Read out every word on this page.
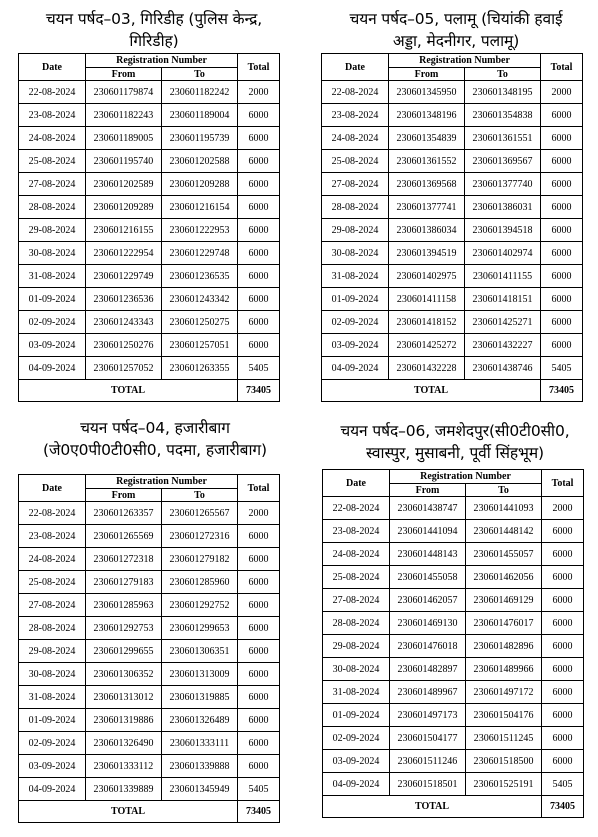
चयन पर्षद–03, गिरिडीह (पुलिस केन्द्र,
गिरिडीह)
Date	Registration Number		Total
	From	To	
22-08-2024	230601179874	230601182242	2000
23-08-2024	230601182243	230601189004	6000
24-08-2024	230601189005	230601195739	6000
25-08-2024	230601195740	230601202588	6000
27-08-2024	230601202589	230601209288	6000
28-08-2024	230601209289	230601216154	6000
29-08-2024	230601216155	230601222953	6000
30-08-2024	230601222954	230601229748	6000
31-08-2024	230601229749	230601236535	6000
01-09-2024	230601236536	230601243342	6000
02-09-2024	230601243343	230601250275	6000
03-09-2024	230601250276	230601257051	6000
04-09-2024	230601257052	230601263355	5405
TOTAL			73405
चयन पर्षद–05, पलामू (चियांकी हवाई
अड्डा, मेदनीगर, पलामू)
Date	Registration Number		Total
	From	To	
22-08-2024	230601345950	230601348195	2000
23-08-2024	230601348196	230601354838	6000
24-08-2024	230601354839	230601361551	6000
25-08-2024	230601361552	230601369567	6000
27-08-2024	230601369568	230601377740	6000
28-08-2024	230601377741	230601386031	6000
29-08-2024	230601386034	230601394518	6000
30-08-2024	230601394519	230601402974	6000
31-08-2024	230601402975	230601411155	6000
01-09-2024	230601411158	230601418151	6000
02-09-2024	230601418152	230601425271	6000
03-09-2024	230601425272	230601432227	6000
04-09-2024	230601432228	230601438746	5405
TOTAL			73405
चयन पर्षद–04, हजारीबाग
(जे0ए0पी0टी0सी0, पदमा, हजारीबाग)
Date	Registration Number		Total
	From	To	
22-08-2024	230601263357	230601265567	2000
23-08-2024	230601265569	230601272316	6000
24-08-2024	230601272318	230601279182	6000
25-08-2024	230601279183	230601285960	6000
27-08-2024	230601285963	230601292752	6000
28-08-2024	230601292753	230601299653	6000
29-08-2024	230601299655	230601306351	6000
30-08-2024	230601306352	230601313009	6000
31-08-2024	230601313012	230601319885	6000
01-09-2024	230601319886	230601326489	6000
02-09-2024	230601326490	230601333111	6000
03-09-2024	230601333112	230601339888	6000
04-09-2024	230601339889	230601345949	5405
TOTAL			73405
चयन पर्षद–06, जमशेदपुर(सी0टी0सी0,
स्वास्पुर, मुसाबनी, पूर्वी सिंहभूम)
Date	Registration Number		Total
	From	To	
22-08-2024	230601438747	230601441093	2000
23-08-2024	230601441094	230601448142	6000
24-08-2024	230601448143	230601455057	6000
25-08-2024	230601455058	230601462056	6000
27-08-2024	230601462057	230601469129	6000
28-08-2024	230601469130	230601476017	6000
29-08-2024	230601476018	230601482896	6000
30-08-2024	230601482897	230601489966	6000
31-08-2024	230601489967	230601497172	6000
01-09-2024	230601497173	230601504176	6000
02-09-2024	230601504177	230601511245	6000
03-09-2024	230601511246	230601518500	6000
04-09-2024	230601518501	230601525191	5405
TOTAL			73405
